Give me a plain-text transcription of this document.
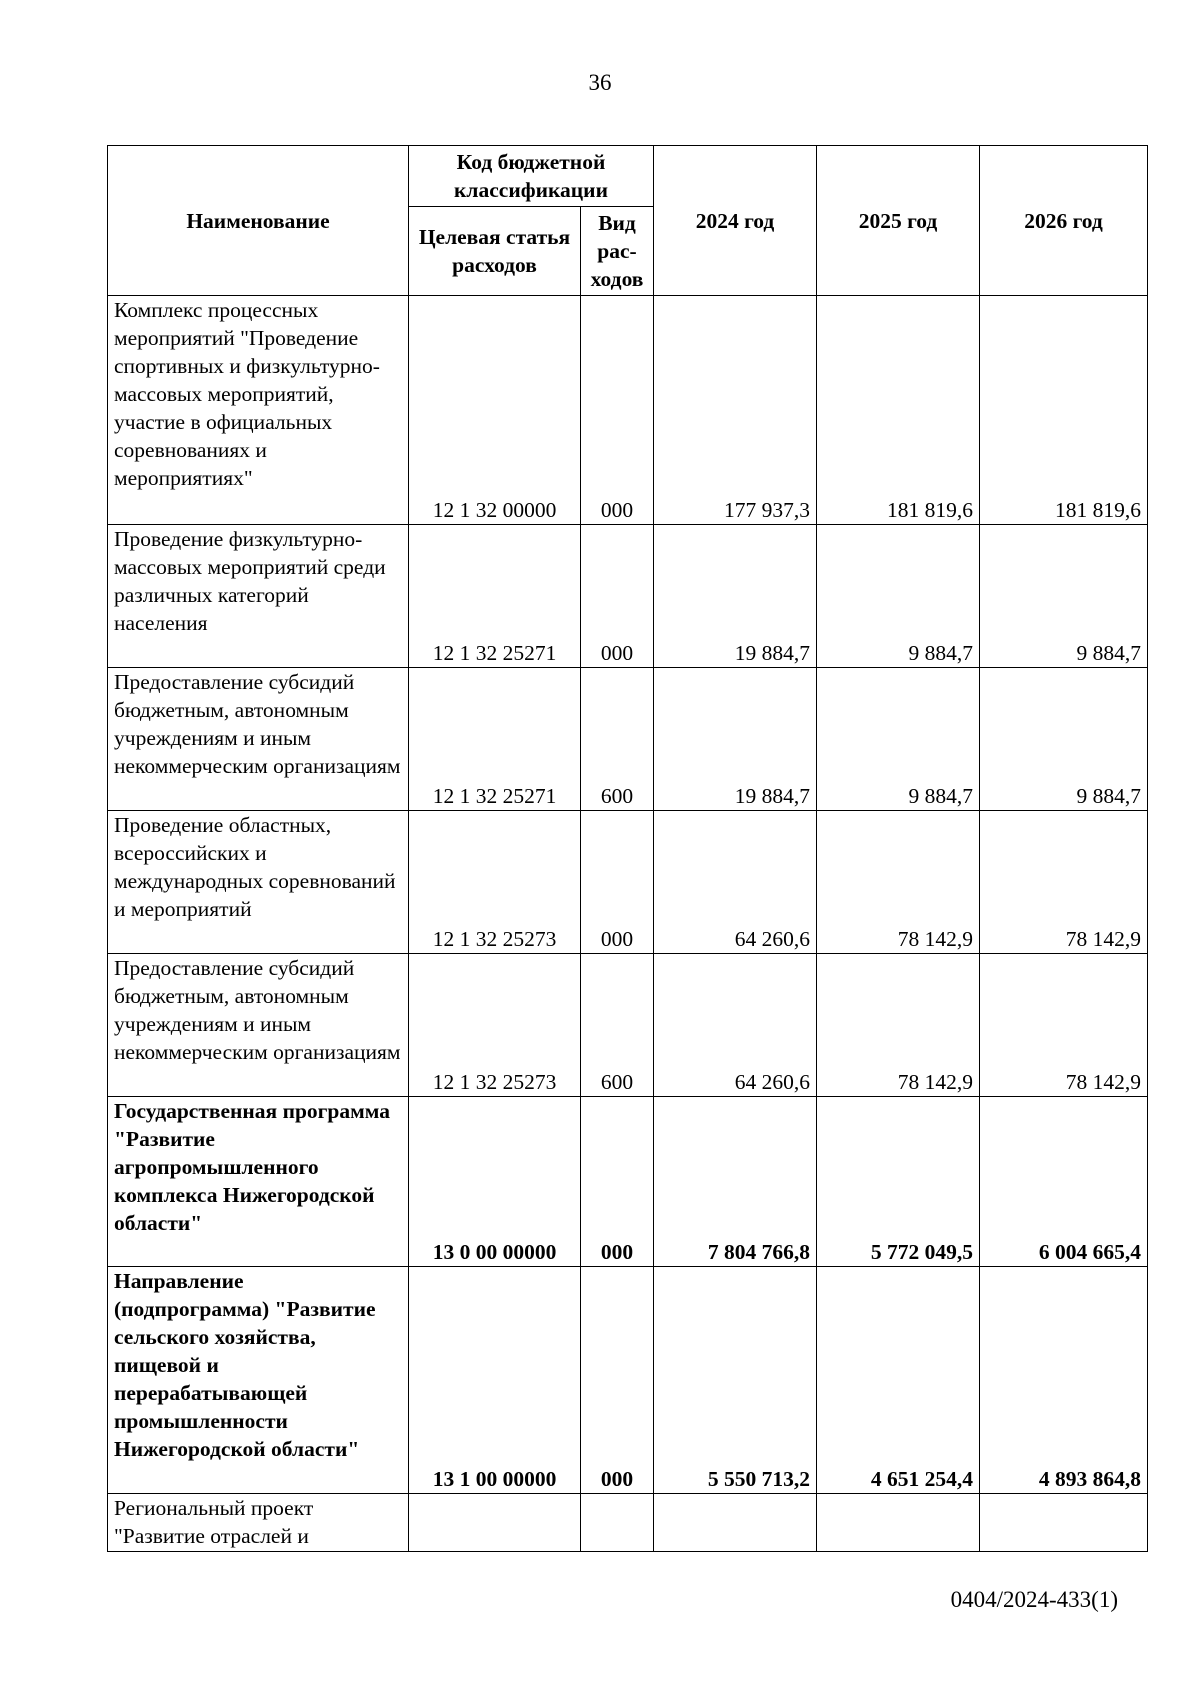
36
Наименование	Код бюджетной классификации		2024 год	2025 год	2026 год
	Целевая статья расходов	Вид рас-ходов			
Комплекс процессных мероприятий "Проведение спортивных и физкультурно-массовых мероприятий, участие в официальных соревнованиях и мероприятиях"	12 1 32 00000	000	177 937,3	181 819,6	181 819,6
Проведение физкультурно-массовых мероприятий среди различных категорий населения	12 1 32 25271	000	19 884,7	9 884,7	9 884,7
Предоставление субсидий бюджетным, автономным учреждениям и иным некоммерческим организациям	12 1 32 25271	600	19 884,7	9 884,7	9 884,7
Проведение областных, всероссийских и международных соревнований и мероприятий	12 1 32 25273	000	64 260,6	78 142,9	78 142,9
Предоставление субсидий бюджетным, автономным учреждениям и иным некоммерческим организациям	12 1 32 25273	600	64 260,6	78 142,9	78 142,9
Государственная программа "Развитие агропромышленного комплекса Нижегородской области"	13 0 00 00000	000	7 804 766,8	5 772 049,5	6 004 665,4
Направление (подпрограмма) "Развитие сельского хозяйства, пищевой и перерабатывающей промышленности Нижегородской области"	13 1 00 00000	000	5 550 713,2	4 651 254,4	4 893 864,8
Региональный проект "Развитие отраслей и					
0404/2024-433(1)
